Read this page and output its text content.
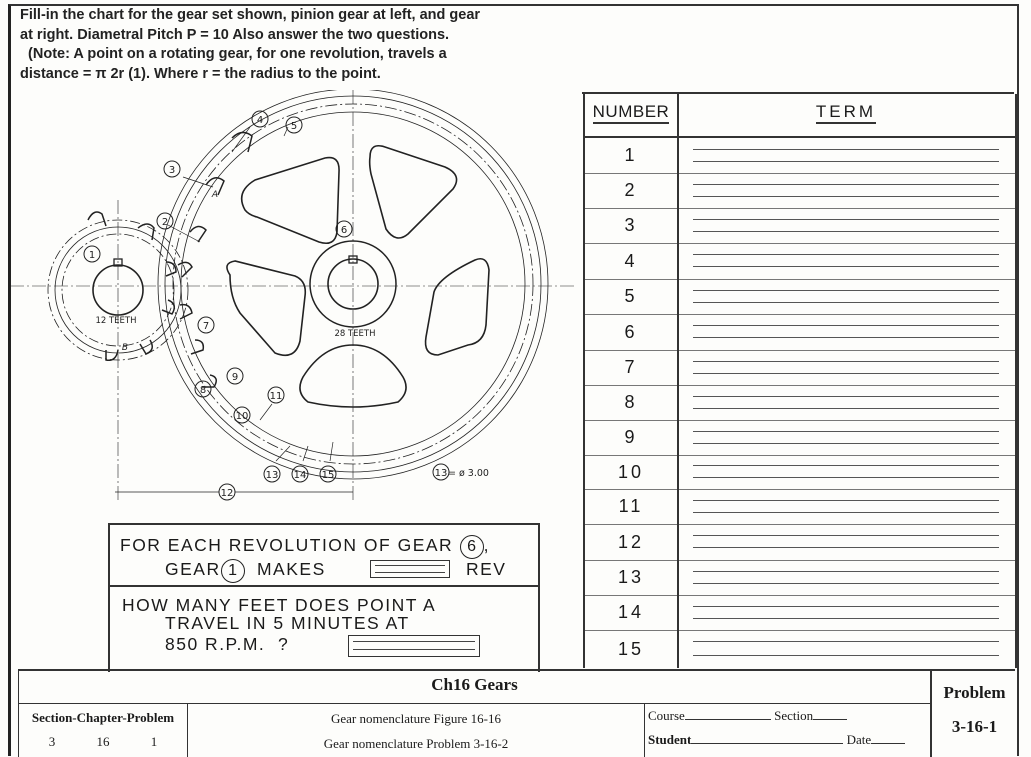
Fill-in the chart for the gear set shown, pinion gear at left, and gear
at right. Diametral Pitch P = 10 Also answer the two questions.
(Note: A point on a rotating gear, for one revolution, travels a
distance = π 2r (1). Where r = the radius to the point.
1
2
3
4
5
6
7
8
9
10
11
12
13 14 15	13 = ø 3.00
12 TEETH
28 TEETH
A
B
FOR EACH REVOLUTION OF GEAR 6 ,
GEAR 1 MAKES	REV
HOW MANY FEET DOES POINT A
TRAVEL IN 5 MINUTES AT
850 R.P.M.  ?
NUMBER	TERM
1
2
3
4
5
6
7
8
9
10
11
12
13
14
15
Ch16 Gears
Section-Chapter-Problem
3	16	1
Gear nomenclature Figure 16-16
Gear nomenclature Problem 3-16-2
Course	Section
Student	Date
Problem
3-16-1
